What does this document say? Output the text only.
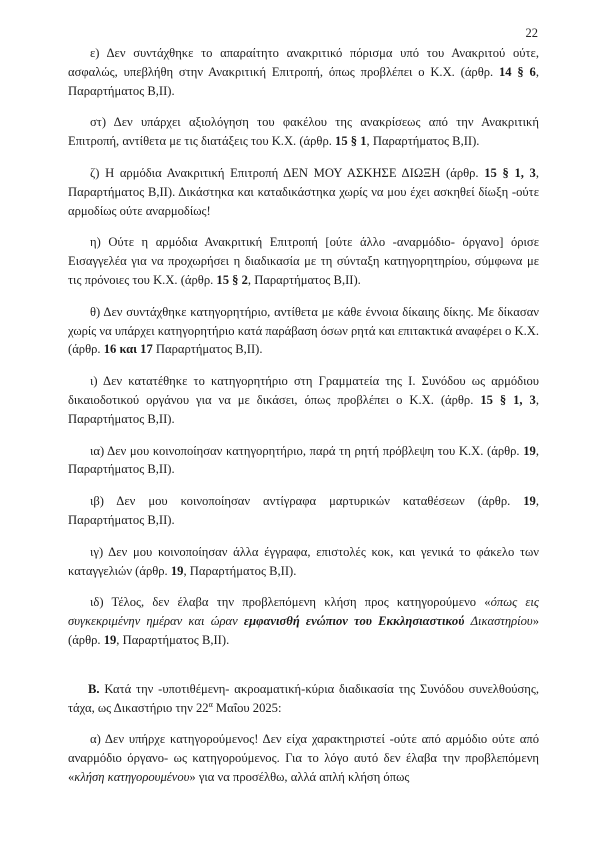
22

ε) Δεν συντάχθηκε το απαραίτητο ανακριτικό πόρισμα υπό του Ανακριτού ούτε, ασφαλώς, υπεβλήθη στην Ανακριτική Επιτροπή, όπως προβλέπει ο Κ.Χ. (άρθρ. 14 § 6, Παραρτήματος Β,ΙΙ).

στ) Δεν υπάρχει αξιολόγηση του φακέλου της ανακρίσεως από την Ανακριτική Επιτροπή, αντίθετα με τις διατάξεις του Κ.Χ. (άρθρ. 15 § 1, Παραρτήματος Β,ΙΙ).

ζ) Η αρμόδια Ανακριτική Επιτροπή ΔΕΝ ΜΟΥ ΑΣΚΗΣΕ ΔΙΩΞΗ (άρθρ. 15 § 1, 3, Παραρτήματος Β,ΙΙ). Δικάστηκα και καταδικάστηκα χωρίς να μου έχει ασκηθεί δίωξη -ούτε αρμοδίως ούτε αναρμοδίως!

η) Ούτε η αρμόδια Ανακριτική Επιτροπή [ούτε άλλο -αναρμόδιο- όργανο] όρισε Εισαγγελέα για να προχωρήσει η διαδικασία με τη σύνταξη κατηγορητηρίου, σύμφωνα με τις πρόνοιες του Κ.Χ. (άρθρ. 15 § 2, Παραρτήματος Β,ΙΙ).

θ) Δεν συντάχθηκε κατηγορητήριο, αντίθετα με κάθε έννοια δίκαιης δίκης. Με δίκασαν χωρίς να υπάρχει κατηγορητήριο κατά παράβαση όσων ρητά και επιτακτικά αναφέρει ο Κ.Χ. (άρθρ. 16 και 17 Παραρτήματος Β,ΙΙ).

ι) Δεν κατατέθηκε το κατηγορητήριο στη Γραμματεία της Ι. Συνόδου ως αρμόδιου δικαιοδοτικού οργάνου για να με δικάσει, όπως προβλέπει ο Κ.Χ. (άρθρ. 15 § 1, 3, Παραρτήματος Β,ΙΙ).

ια) Δεν μου κοινοποίησαν κατηγορητήριο, παρά τη ρητή πρόβλεψη του Κ.Χ. (άρθρ. 19, Παραρτήματος Β,ΙΙ).

ιβ) Δεν μου κοινοποίησαν αντίγραφα μαρτυρικών καταθέσεων (άρθρ. 19, Παραρτήματος Β,ΙΙ).

ιγ) Δεν μου κοινοποίησαν άλλα έγγραφα, επιστολές κοκ, και γενικά το φάκελο των καταγγελιών (άρθρ. 19, Παραρτήματος Β,ΙΙ).

ιδ) Τέλος, δεν έλαβα την προβλεπόμενη κλήση προς κατηγορούμενο «όπως εις συγκεκριμένην ημέραν και ώραν εμφανισθή ενώπιον του Εκκλησιαστικού Δικαστηρίου» (άρθρ. 19, Παραρτήματος Β,ΙΙ).

Β. Κατά την -υποτιθέμενη- ακροαματική-κύρια διαδικασία της Συνόδου συνελθούσης, τάχα, ως Δικαστήριο την $22^\alpha$ Μαΐου 2025:

α) Δεν υπήρχε κατηγορούμενος! Δεν είχα χαρακτηριστεί -ούτε από αρμόδιο ούτε από αναρμόδιο όργανο- ως κατηγορούμενος. Για το λόγο αυτό δεν έλαβα την προβλεπόμενη «κλήση κατηγορουμένου» για να προσέλθω, αλλά απλή κλήση όπως
